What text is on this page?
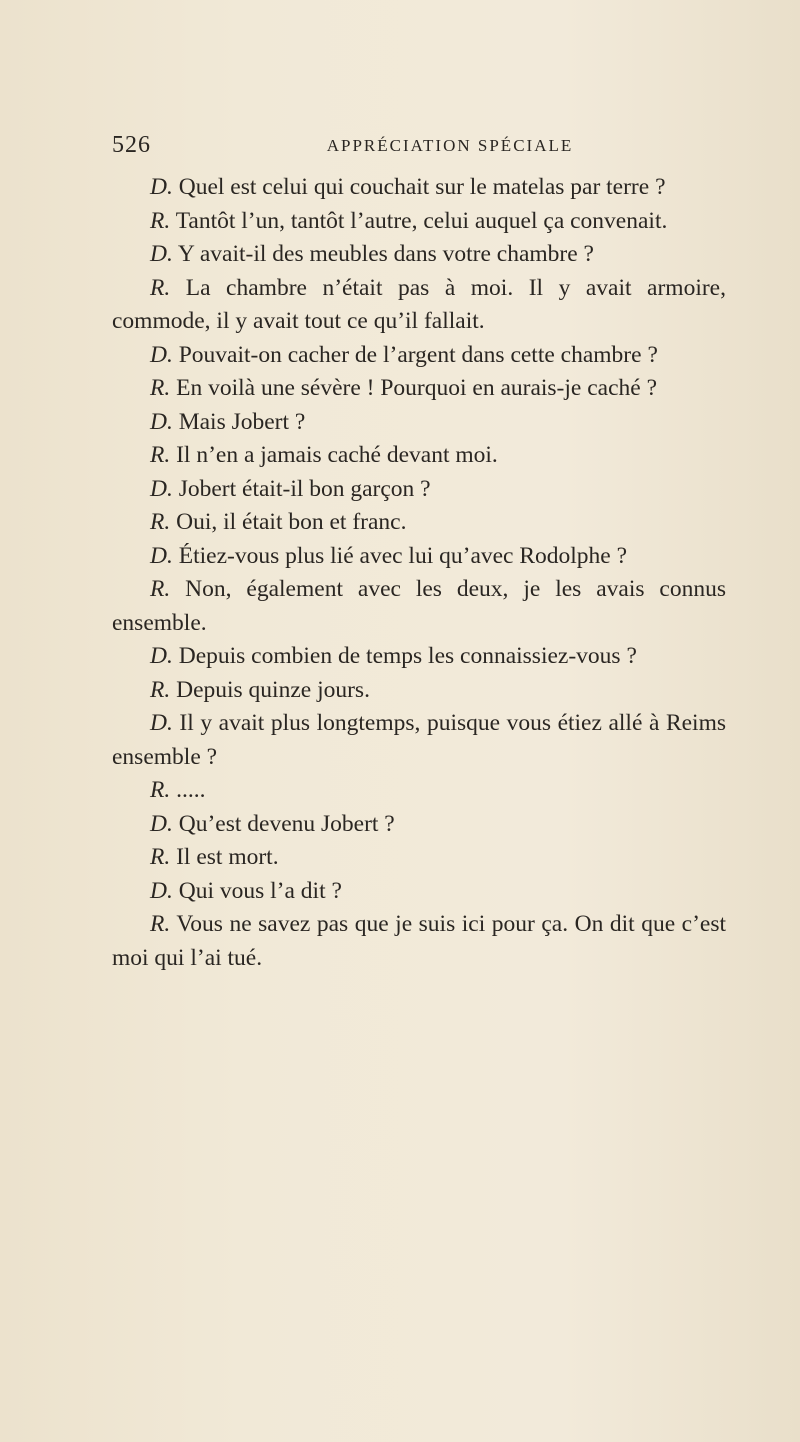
526	APPRÉCIATION SPÉCIALE

D. Quel est celui qui couchait sur le matelas par terre ?

R. Tantôt l’un, tantôt l’autre, celui auquel ça convenait.

D. Y avait-il des meubles dans votre chambre ?

R. La chambre n’était pas à moi. Il y avait armoire, commode, il y avait tout ce qu’il fallait.

D. Pouvait-on cacher de l’argent dans cette chambre ?

R. En voilà une sévère ! Pourquoi en aurais-je caché ?

D. Mais Jobert ?

R. Il n’en a jamais caché devant moi.

D. Jobert était-il bon garçon ?

R. Oui, il était bon et franc.

D. Étiez-vous plus lié avec lui qu’avec Rodolphe ?

R. Non, également avec les deux, je les avais connus ensemble.

D. Depuis combien de temps les connaissiez-vous ?

R. Depuis quinze jours.

D. Il y avait plus longtemps, puisque vous étiez allé à Reims ensemble ?

R. .....

D. Qu’est devenu Jobert ?

R. Il est mort.

D. Qui vous l’a dit ?

R. Vous ne savez pas que je suis ici pour ça. On dit que c’est moi qui l’ai tué.
